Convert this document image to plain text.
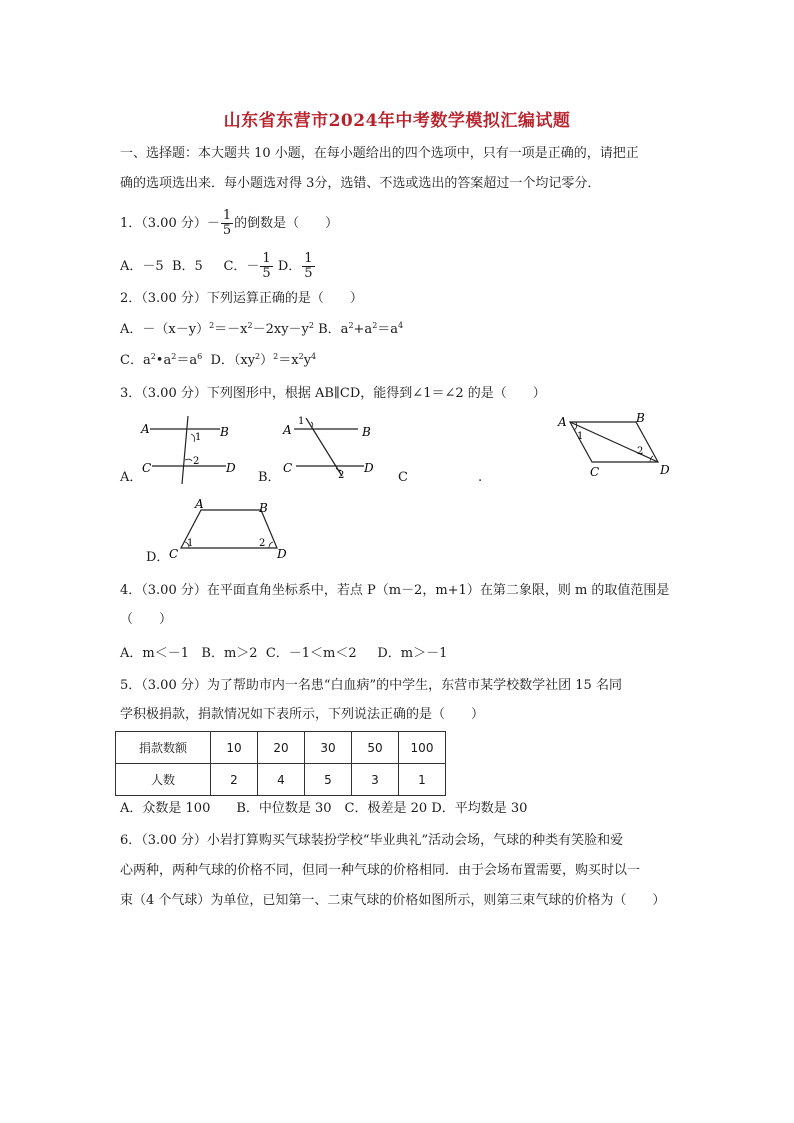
山东省东营市2024年中考数学模拟汇编试题
一、选择题：本大题共 10 小题，在每小题给出的四个选项中，只有一项是正确的，请把正
确的选项选出来．每小题选对得 3分，选错、不选或选出的答案超过一个均记零分．
1．（3.00 分）－ $\frac{1}{5}$ 的倒数是（　　）
A．－5 B．5 C．－ $\frac{1}{5}$ D． $\frac{1}{5}$
2．（3.00 分）下列运算正确的是（　　）
A．$-(x-y)^2=-x^2-2xy-y^2$ B．$a^2+a^2=a^4$
C．$a^2•a^2=a^6$ D．$(xy^2)^2=x^2y^4$
3．（3.00 分）下列图形中，根据 AB∥CD，能得到∠1＝∠2 的是（　　）
A．	B．	C	.
D．
A	B
C	D
1
2
A	B
C	D
1
2
A	B
C	D
1
2
A	B
C	D
1	2
4．（3.00 分）在平面直角坐标系中，若点 P（m－2，m+1）在第二象限，则 m 的取值范围是
（　　）
A．m＜－1 B．m＞2 C．－1＜m＜2 D．m＞－1
5．（3.00 分）为了帮助市内一名患“白血病”的中学生，东营市某学校数学社团 15 名同
学积极捐款，捐款情况如下表所示，下列说法正确的是（　　）
捐款数额	10	20	30	50	100
人数	2	4	5	3	1
A．众数是 100　　B．中位数是 30　C．极差是 20 D．平均数是 30
6．（3.00 分）小岩打算购买气球装扮学校“毕业典礼”活动会场，气球的种类有笑脸和爱
心两种，两种气球的价格不同，但同一种气球的价格相同．由于会场布置需要，购买时以一
束（4 个气球）为单位，已知第一、二束气球的价格如图所示，则第三束气球的价格为（　　）
